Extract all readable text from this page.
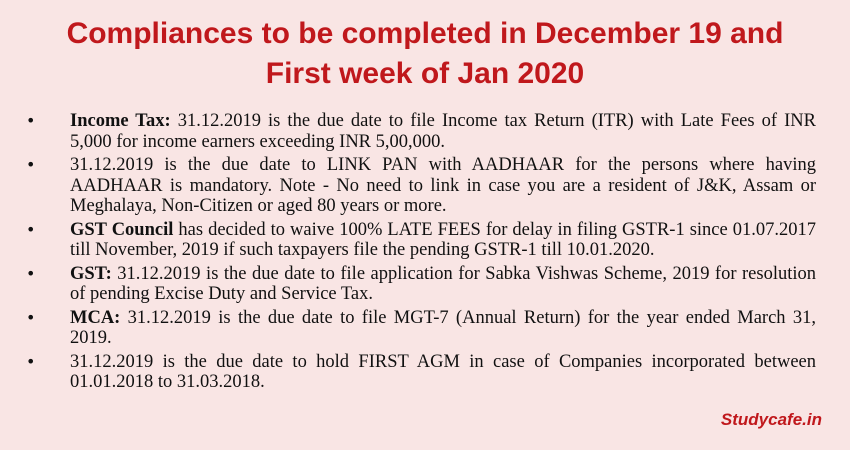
Compliances to be completed in December 19 and
First week of Jan 2020
• Income Tax: 31.12.2019 is the due date to file Income tax Return (ITR) with Late Fees of INR 5,000 for income earners exceeding INR 5,00,000.
• 31.12.2019 is the due date to LINK PAN with AADHAAR for the persons where having AADHAAR is mandatory. Note - No need to link in case you are a resident of J&K, Assam or Meghalaya, Non-Citizen or aged 80 years or more.
• GST Council has decided to waive 100% LATE FEES for delay in filing GSTR-1 since 01.07.2017 till November, 2019 if such taxpayers file the pending GSTR-1 till 10.01.2020.
• GST: 31.12.2019 is the due date to file application for Sabka Vishwas Scheme, 2019 for resolution of pending Excise Duty and Service Tax.
• MCA: 31.12.2019 is the due date to file MGT-7 (Annual Return) for the year ended March 31, 2019.
• 31.12.2019 is the due date to hold FIRST AGM in case of Companies incorporated between 01.01.2018 to 31.03.2018.
Studycafe.in
